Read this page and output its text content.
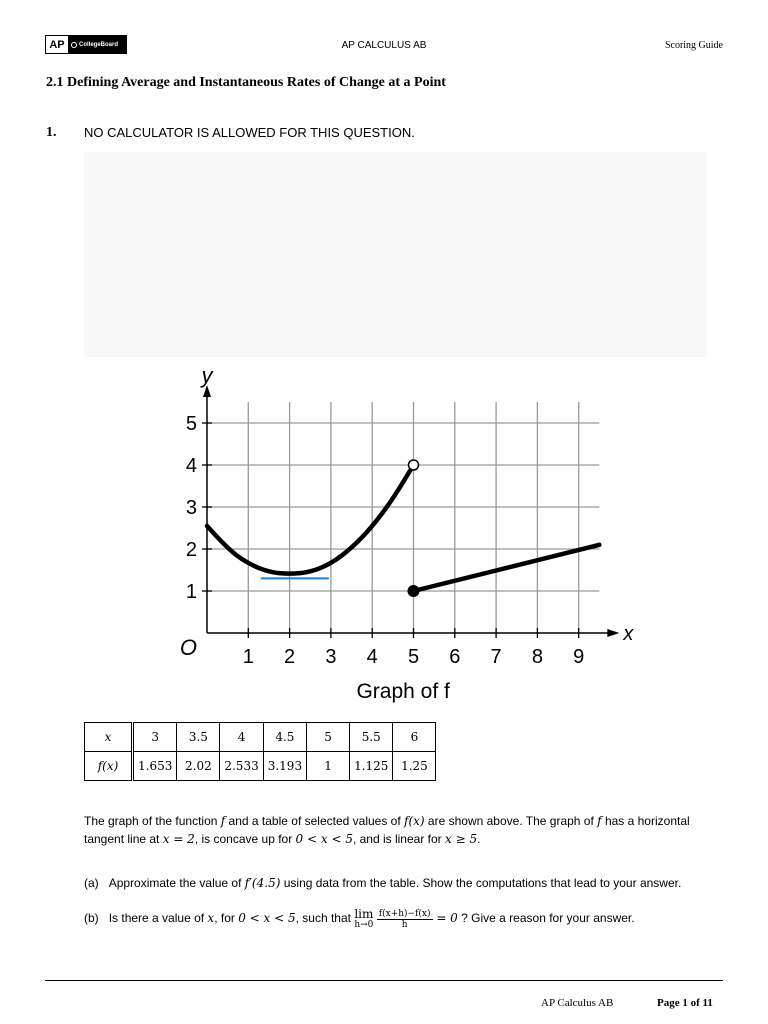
AP	CollegeBoard	AP CALCULUS AB	Scoring Guide
2.1 Defining Average and Instantaneous Rates of Change at a Point
1. NO CALCULATOR IS ALLOWED FOR THIS QUESTION.
1 2 3 4 5 6 7 8 9
1
2
3
4
5
O
x
y
Graph of f
x	3	3.5	4	4.5	5	5.5	6
f(x)	1.653	2.02	2.533	3.193	1	1.125	1.25
The graph of the function f and a table of selected values of f(x) are shown above. The graph of f has a horizontal tangent line at x = 2, is concave up for 0 < x < 5, and is linear for x ≥ 5.
(a) Approximate the value of f′(4.5) using data from the table. Show the computations that lead to your answer.
(b) Is there a value of x, for 0 < x < 5, such that lim
h→0
$\frac{f(x+h)-f(x)}{h} = 0$ ? Give a reason for your answer.
AP Calculus AB	Page 1 of 11
